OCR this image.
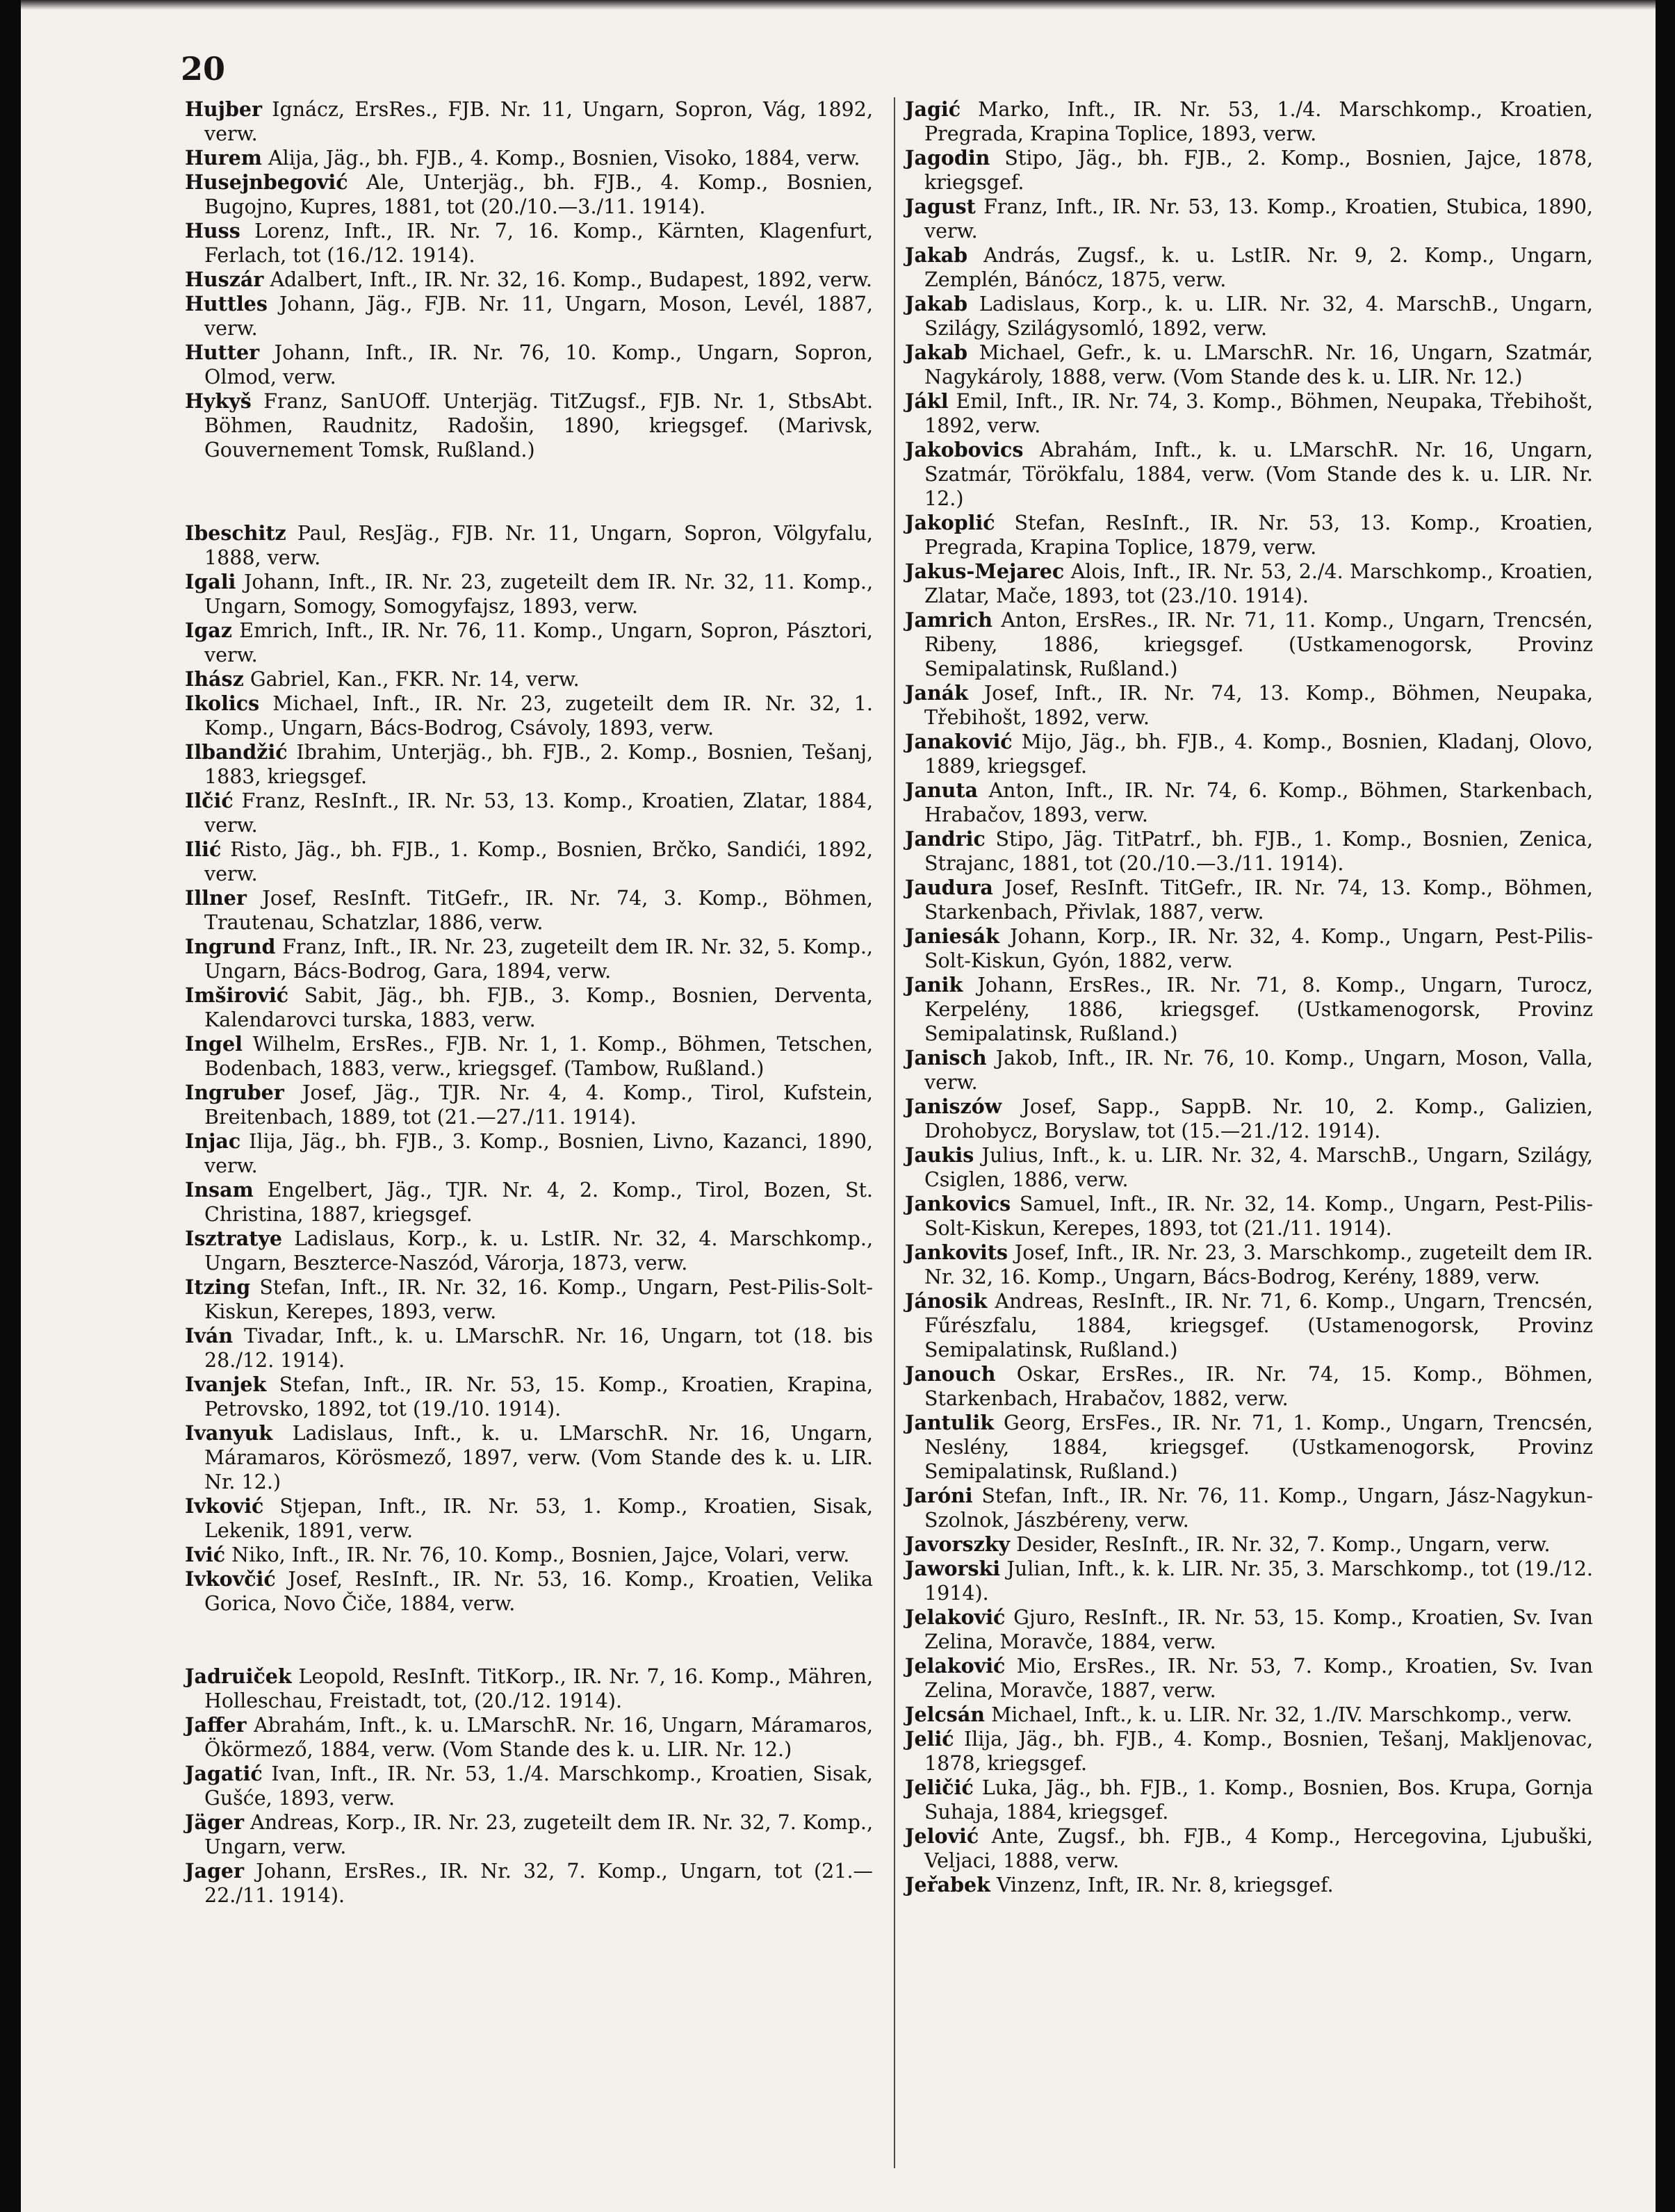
20

Hujber Ignácz, ErsRes., FJB. Nr. 11, Ungarn, Sopron, Vág, 1892, verw.

Hurem Alija, Jäg., bh. FJB., 4. Komp., Bosnien, Visoko, 1884, verw.

Husejnbegović Ale, Unterjäg., bh. FJB., 4. Komp., Bosnien, Bugojno, Kupres, 1881, tot (20./10.—3./11. 1914).

Huss Lorenz, Inft., IR. Nr. 7, 16. Komp., Kärnten, Klagenfurt, Ferlach, tot (16./12. 1914).

Huszár Adalbert, Inft., IR. Nr. 32, 16. Komp., Budapest, 1892, verw.

Huttles Johann, Jäg., FJB. Nr. 11, Ungarn, Moson, Levél, 1887, verw.

Hutter Johann, Inft., IR. Nr. 76, 10. Komp., Ungarn, Sopron, Olmod, verw.

Hykyš Franz, SanUOff. Unterjäg. TitZugsf., FJB. Nr. 1, StbsAbt. Böhmen, Raudnitz, Radošin, 1890, kriegsgef. (Marivsk, Gouvernement Tomsk, Rußland.)

Ibeschitz Paul, ResJäg., FJB. Nr. 11, Ungarn, Sopron, Völgyfalu, 1888, verw.

Igali Johann, Inft., IR. Nr. 23, zugeteilt dem IR. Nr. 32, 11. Komp., Ungarn, Somogy, Somogyfajsz, 1893, verw.

Igaz Emrich, Inft., IR. Nr. 76, 11. Komp., Ungarn, Sopron, Pásztori, verw.

Ihász Gabriel, Kan., FKR. Nr. 14, verw.

Ikolics Michael, Inft., IR. Nr. 23, zugeteilt dem IR. Nr. 32, 1. Komp., Ungarn, Bács-Bodrog, Csávoly, 1893, verw.

Ilbandžić Ibrahim, Unterjäg., bh. FJB., 2. Komp., Bosnien, Tešanj, 1883, kriegsgef.

Ilčić Franz, ResInft., IR. Nr. 53, 13. Komp., Kroatien, Zlatar, 1884, verw.

Ilić Risto, Jäg., bh. FJB., 1. Komp., Bosnien, Brčko, Sandići, 1892, verw.

Illner Josef, ResInft. TitGefr., IR. Nr. 74, 3. Komp., Böhmen, Trautenau, Schatzlar, 1886, verw.

Ingrund Franz, Inft., IR. Nr. 23, zugeteilt dem IR. Nr. 32, 5. Komp., Ungarn, Bács-Bodrog, Gara, 1894, verw.

Imširović Sabit, Jäg., bh. FJB., 3. Komp., Bosnien, Derventa, Kalendarovci turska, 1883, verw.

Ingel Wilhelm, ErsRes., FJB. Nr. 1, 1. Komp., Böhmen, Tetschen, Bodenbach, 1883, verw., kriegsgef. (Tambow, Rußland.)

Ingruber Josef, Jäg., TJR. Nr. 4, 4. Komp., Tirol, Kufstein, Breitenbach, 1889, tot (21.—27./11. 1914).

Injac Ilija, Jäg., bh. FJB., 3. Komp., Bosnien, Livno, Kazanci, 1890, verw.

Insam Engelbert, Jäg., TJR. Nr. 4, 2. Komp., Tirol, Bozen, St. Christina, 1887, kriegsgef.

Isztratye Ladislaus, Korp., k. u. LstIR. Nr. 32, 4. Marschkomp., Ungarn, Beszterce-Naszód, Várorja, 1873, verw.

Itzing Stefan, Inft., IR. Nr. 32, 16. Komp., Ungarn, Pest-Pilis-Solt-Kiskun, Kerepes, 1893, verw.

Iván Tivadar, Inft., k. u. LMarschR. Nr. 16, Ungarn, tot (18. bis 28./12. 1914).

Ivanjek Stefan, Inft., IR. Nr. 53, 15. Komp., Kroatien, Krapina, Petrovsko, 1892, tot (19./10. 1914).

Ivanyuk Ladislaus, Inft., k. u. LMarschR. Nr. 16, Ungarn, Máramaros, Körösmező, 1897, verw. (Vom Stande des k. u. LIR. Nr. 12.)

Ivković Stjepan, Inft., IR. Nr. 53, 1. Komp., Kroatien, Sisak, Lekenik, 1891, verw.

Ivić Niko, Inft., IR. Nr. 76, 10. Komp., Bosnien, Jajce, Volari, verw.

Ivkovčić Josef, ResInft., IR. Nr. 53, 16. Komp., Kroatien, Velika Gorica, Novo Čiče, 1884, verw.

Jadruiček Leopold, ResInft. TitKorp., IR. Nr. 7, 16. Komp., Mähren, Holleschau, Freistadt, tot, (20./12. 1914).

Jaffer Abrahám, Inft., k. u. LMarschR. Nr. 16, Ungarn, Máramaros, Ökörmező, 1884, verw. (Vom Stande des k. u. LIR. Nr. 12.)

Jagatić Ivan, Inft., IR. Nr. 53, 1./4. Marschkomp., Kroatien, Sisak, Gušće, 1893, verw.

Jäger Andreas, Korp., IR. Nr. 23, zugeteilt dem IR. Nr. 32, 7. Komp., Ungarn, verw.

Jager Johann, ErsRes., IR. Nr. 32, 7. Komp., Ungarn, tot (21.—22./11. 1914).

Jagić Marko, Inft., IR. Nr. 53, 1./4. Marschkomp., Kroatien, Pregrada, Krapina Toplice, 1893, verw.

Jagodin Stipo, Jäg., bh. FJB., 2. Komp., Bosnien, Jajce, 1878, kriegsgef.

Jagust Franz, Inft., IR. Nr. 53, 13. Komp., Kroatien, Stubica, 1890, verw.

Jakab András, Zugsf., k. u. LstIR. Nr. 9, 2. Komp., Ungarn, Zemplén, Bánócz, 1875, verw.

Jakab Ladislaus, Korp., k. u. LIR. Nr. 32, 4. MarschB., Ungarn, Szilágy, Szilágysomló, 1892, verw.

Jakab Michael, Gefr., k. u. LMarschR. Nr. 16, Ungarn, Szatmár, Nagykároly, 1888, verw. (Vom Stande des k. u. LIR. Nr. 12.)

Jákl Emil, Inft., IR. Nr. 74, 3. Komp., Böhmen, Neupaka, Třebihošt, 1892, verw.

Jakobovics Abrahám, Inft., k. u. LMarschR. Nr. 16, Ungarn, Szatmár, Törökfalu, 1884, verw. (Vom Stande des k. u. LIR. Nr. 12.)

Jakoplić Stefan, ResInft., IR. Nr. 53, 13. Komp., Kroatien, Pregrada, Krapina Toplice, 1879, verw.

Jakus-Mejarec Alois, Inft., IR. Nr. 53, 2./4. Marschkomp., Kroatien, Zlatar, Mače, 1893, tot (23./10. 1914).

Jamrich Anton, ErsRes., IR. Nr. 71, 11. Komp., Ungarn, Trencsén, Ribeny, 1886, kriegsgef. (Ustkamenogorsk, Provinz Semipalatinsk, Rußland.)

Janák Josef, Inft., IR. Nr. 74, 13. Komp., Böhmen, Neupaka, Třebihošt, 1892, verw.

Janaković Mijo, Jäg., bh. FJB., 4. Komp., Bosnien, Kladanj, Olovo, 1889, kriegsgef.

Januta Anton, Inft., IR. Nr. 74, 6. Komp., Böhmen, Starkenbach, Hrabačov, 1893, verw.

Jandric Stipo, Jäg. TitPatrf., bh. FJB., 1. Komp., Bosnien, Zenica, Strajanc, 1881, tot (20./10.—3./11. 1914).

Jaudura Josef, ResInft. TitGefr., IR. Nr. 74, 13. Komp., Böhmen, Starkenbach, Přivlak, 1887, verw.

Janiesák Johann, Korp., IR. Nr. 32, 4. Komp., Ungarn, Pest-Pilis-Solt-Kiskun, Gyón, 1882, verw.

Janik Johann, ErsRes., IR. Nr. 71, 8. Komp., Ungarn, Turocz, Kerpelény, 1886, kriegsgef. (Ustkamenogorsk, Provinz Semipalatinsk, Rußland.)

Janisch Jakob, Inft., IR. Nr. 76, 10. Komp., Ungarn, Moson, Valla, verw.

Janiszów Josef, Sapp., SappB. Nr. 10, 2. Komp., Galizien, Drohobycz, Boryslaw, tot (15.—21./12. 1914).

Jaukis Julius, Inft., k. u. LIR. Nr. 32, 4. MarschB., Ungarn, Szilágy, Csiglen, 1886, verw.

Jankovics Samuel, Inft., IR. Nr. 32, 14. Komp., Ungarn, Pest-Pilis-Solt-Kiskun, Kerepes, 1893, tot (21./11. 1914).

Jankovits Josef, Inft., IR. Nr. 23, 3. Marschkomp., zugeteilt dem IR. Nr. 32, 16. Komp., Ungarn, Bács-Bodrog, Kerény, 1889, verw.

Jánosik Andreas, ResInft., IR. Nr. 71, 6. Komp., Ungarn, Trencsén, Fűrészfalu, 1884, kriegsgef. (Ustamenogorsk, Provinz Semipalatinsk, Rußland.)

Janouch Oskar, ErsRes., IR. Nr. 74, 15. Komp., Böhmen, Starkenbach, Hrabačov, 1882, verw.

Jantulik Georg, ErsFes., IR. Nr. 71, 1. Komp., Ungarn, Trencsén, Neslény, 1884, kriegsgef. (Ustkamenogorsk, Provinz Semipalatinsk, Rußland.)

Jaróni Stefan, Inft., IR. Nr. 76, 11. Komp., Ungarn, Jász-Nagykun-Szolnok, Jászbéreny, verw.

Javorszky Desider, ResInft., IR. Nr. 32, 7. Komp., Ungarn, verw.

Jaworski Julian, Inft., k. k. LIR. Nr. 35, 3. Marschkomp., tot (19./12. 1914).

Jelaković Gjuro, ResInft., IR. Nr. 53, 15. Komp., Kroatien, Sv. Ivan Zelina, Moravče, 1884, verw.

Jelaković Mio, ErsRes., IR. Nr. 53, 7. Komp., Kroatien, Sv. Ivan Zelina, Moravče, 1887, verw.

Jelcsán Michael, Inft., k. u. LIR. Nr. 32, 1./IV. Marschkomp., verw.

Jelić Ilija, Jäg., bh. FJB., 4. Komp., Bosnien, Tešanj, Makljenovac, 1878, kriegsgef.

Jeličić Luka, Jäg., bh. FJB., 1. Komp., Bosnien, Bos. Krupa, Gornja Suhaja, 1884, kriegsgef.

Jelović Ante, Zugsf., bh. FJB., 4 Komp., Hercegovina, Ljubuški, Veljaci, 1888, verw.

Jeřabek Vinzenz, Inft, IR. Nr. 8, kriegsgef.
